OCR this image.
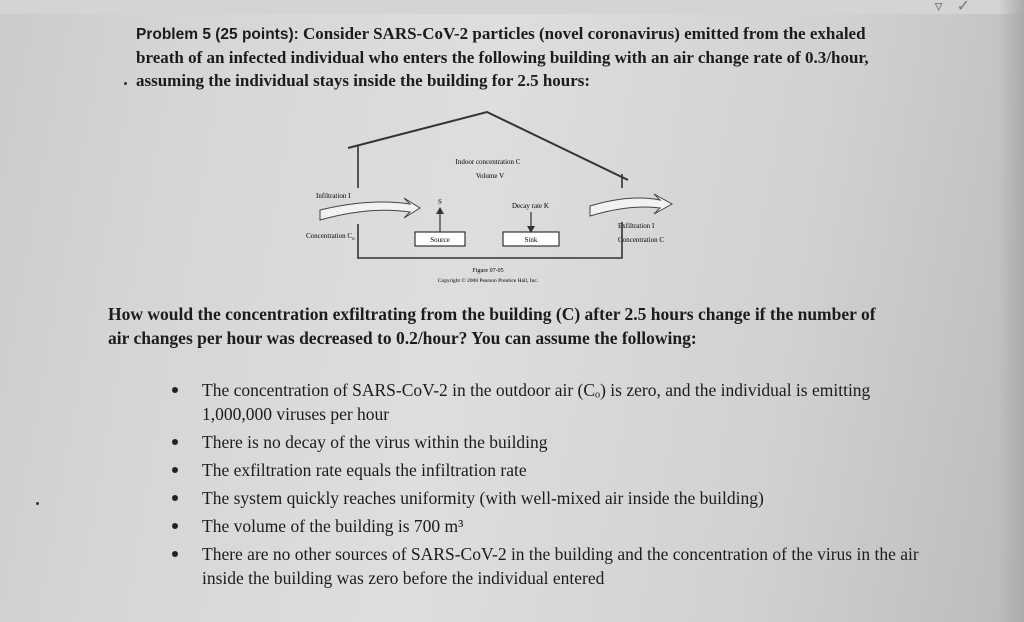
▿✓
Problem 5 (25 points): Consider SARS-CoV-2 particles (novel coronavirus) emitted from the exhaled breath of an infected individual who enters the following building with an air change rate of 0.3/hour, assuming the individual stays inside the building for 2.5 hours:
Indoor concentration C
Volume V
Infiltration I
S	Decay rate K
Concentration $C_o$	Source	Sink
Exfiltration I
Concentration C
Figure 07-05
Copyright © 2008 Pearson Prentice Hall, Inc.
How would the concentration exfiltrating from the building (C) after 2.5 hours change if the number of air changes per hour was decreased to 0.2/hour? You can assume the following:
The concentration of SARS-CoV-2 in the outdoor air (Cₒ) is zero, and the individual is emitting 1,000,000 viruses per hour
There is no decay of the virus within the building
The exfiltration rate equals the infiltration rate
The system quickly reaches uniformity (with well-mixed air inside the building)
The volume of the building is 700 m³
There are no other sources of SARS-CoV-2 in the building and the concentration of the virus in the air inside the building was zero before the individual entered
